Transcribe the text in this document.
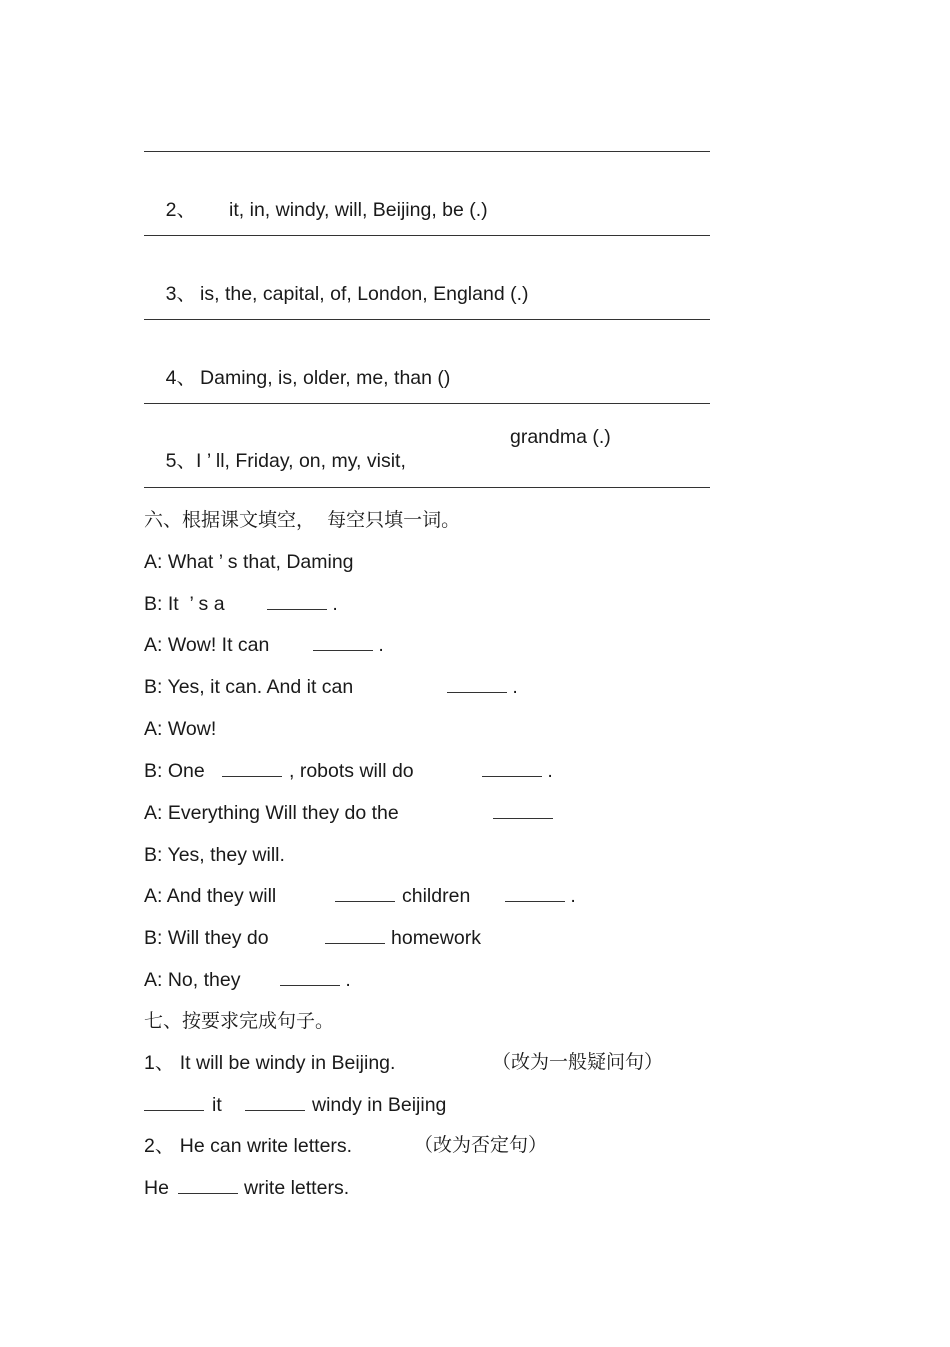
2、 it, in, windy, will, Beijing, be (.)

3、 is, the, capital, of, London, England (.)

4、 Daming, is, older, me, than ()

5、I ’ ll, Friday, on, my, visit,

grandma (.)
六、根据课文填空，  每空只填一词。
A: What ’ s that, Daming
B: It  ’ s a	.
A: Wow! It can	.
B: Yes, it can. And it can	.
A: Wow!
B: One	, robots will do	.
A: Everything Will they do the
B: Yes, they will.
A: And they will	children	.
B: Will they do	homework
A: No, they	.
七、按要求完成句子。
1、 It will be windy in Beijing.	（改为一般疑问句）
it	windy in Beijing
2、 He can write letters.	（改为否定句）
He	write letters.
